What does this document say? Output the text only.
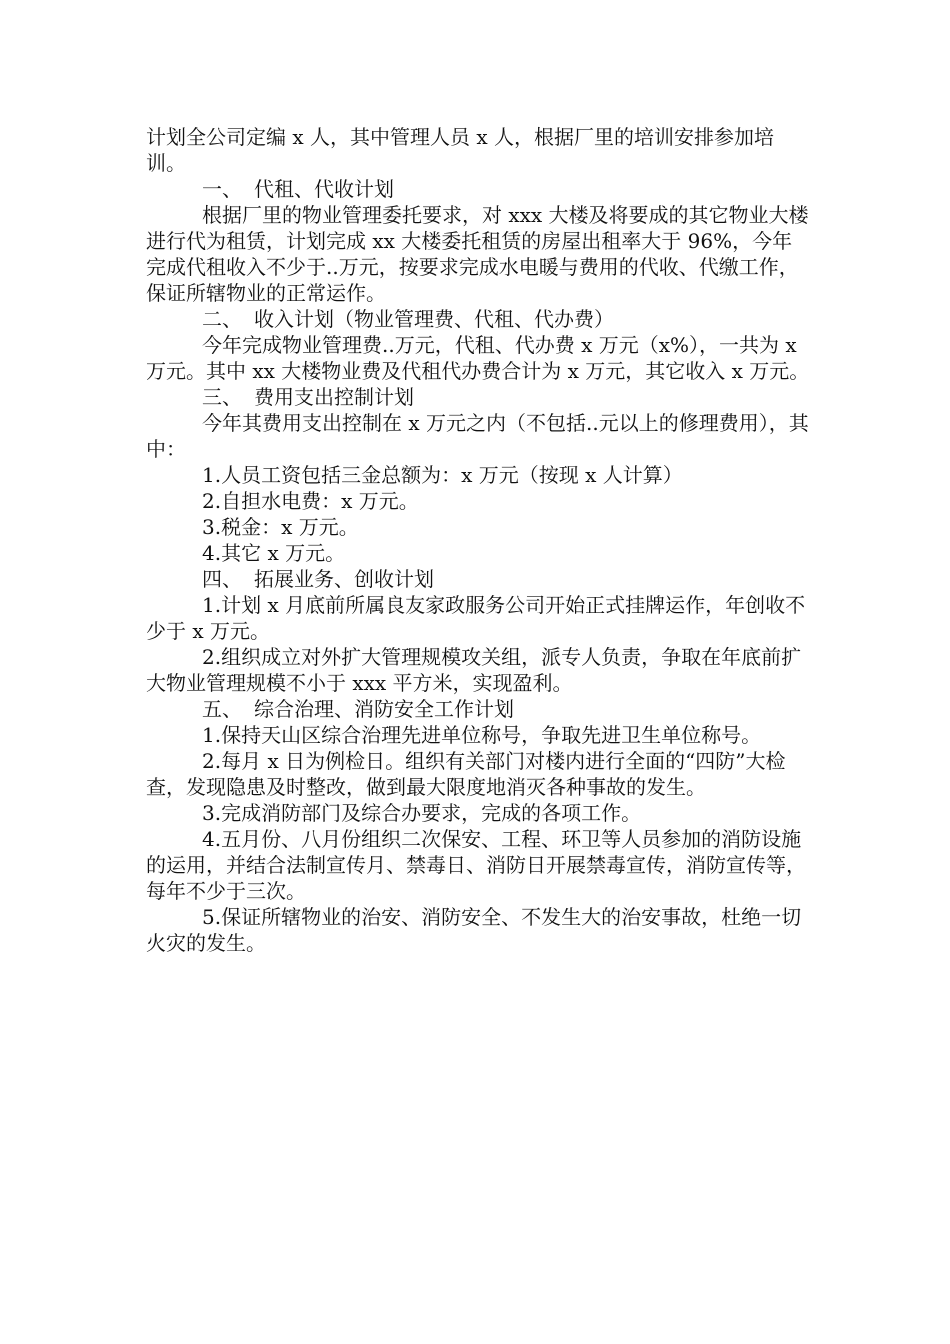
计划全公司定编 x 人，其中管理人员 x 人，根据厂里的培训安排参加培训。

一、 代租、代收计划

根据厂里的物业管理委托要求，对 xxx 大楼及将要成的其它物业大楼进行代为租赁，计划完成 xx 大楼委托租赁的房屋出租率大于 96%，今年完成代租收入不少于..万元，按要求完成水电暖与费用的代收、代缴工作，保证所辖物业的正常运作。

二、 收入计划（物业管理费、代租、代办费）

今年完成物业管理费..万元，代租、代办费 x 万元（x%），一共为 x 万元。其中 xx 大楼物业费及代租代办费合计为 x 万元，其它收入 x 万元。

三、 费用支出控制计划

今年其费用支出控制在 x 万元之内（不包括..元以上的修理费用），其中：

1.人员工资包括三金总额为：x 万元（按现 x 人计算）

2.自担水电费：x 万元。

3.税金：x 万元。

4.其它 x 万元。

四、 拓展业务、创收计划

1.计划 x 月底前所属良友家政服务公司开始正式挂牌运作，年创收不少于 x 万元。

2.组织成立对外扩大管理规模攻关组，派专人负责，争取在年底前扩大物业管理规模不小于 xxx 平方米，实现盈利。

五、 综合治理、消防安全工作计划

1.保持天山区综合治理先进单位称号，争取先进卫生单位称号。

2.每月 x 日为例检日。组织有关部门对楼内进行全面的“四防”大检查，发现隐患及时整改，做到最大限度地消灭各种事故的发生。

3.完成消防部门及综合办要求，完成的各项工作。

4.五月份、八月份组织二次保安、工程、环卫等人员参加的消防设施的运用，并结合法制宣传月、禁毒日、消防日开展禁毒宣传，消防宣传等，每年不少于三次。

5.保证所辖物业的治安、消防安全、不发生大的治安事故，杜绝一切火灾的发生。
